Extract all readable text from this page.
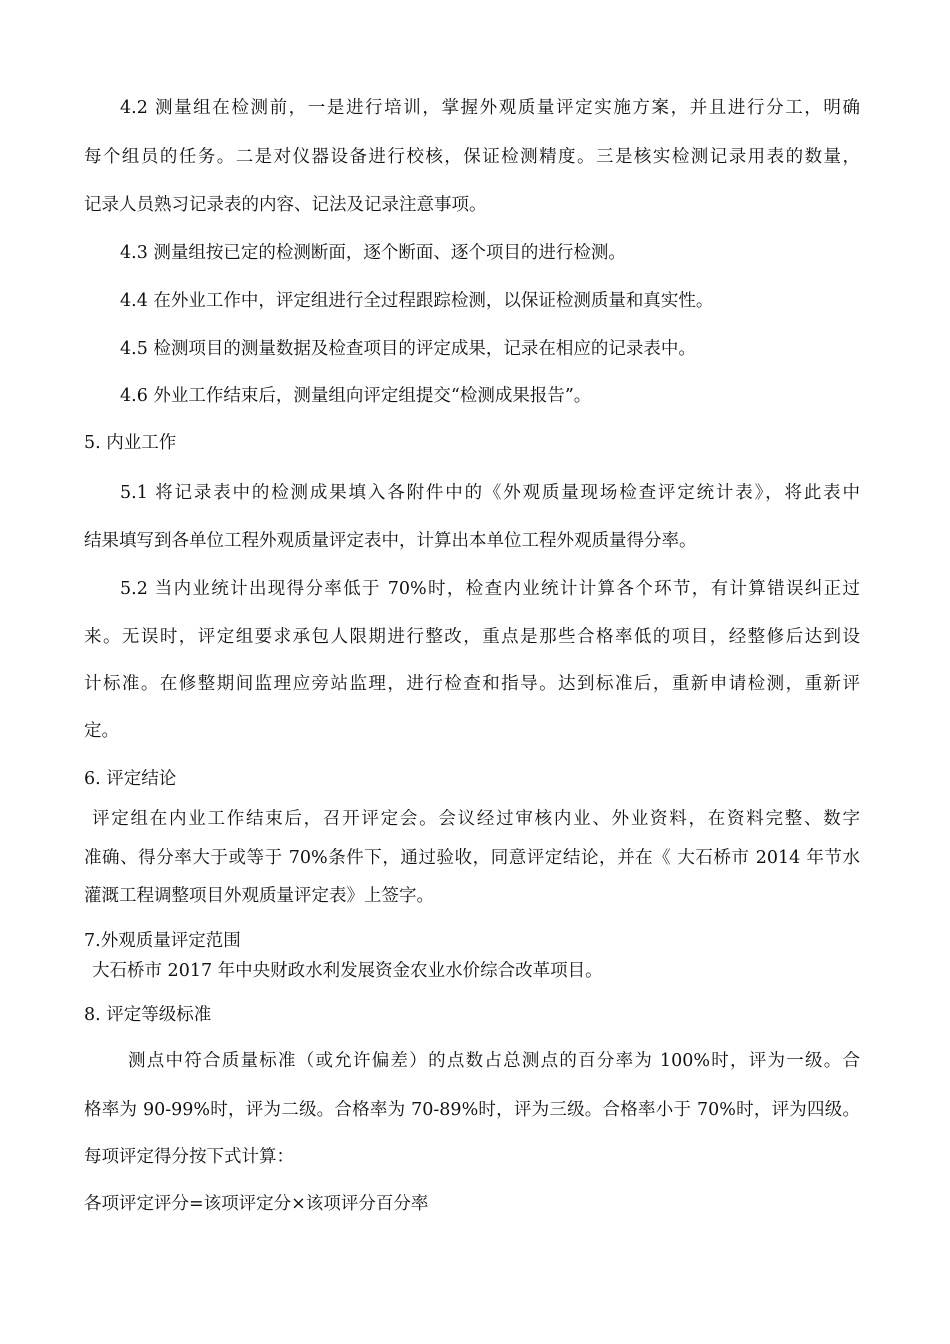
4.2 测量组在检测前，一是进行培训，掌握外观质量评定实施方案，并且进行分工，明确
每个组员的任务。二是对仪器设备进行校核，保证检测精度。三是核实检测记录用表的数量，
记录人员熟习记录表的内容、记法及记录注意事项。
4.3 测量组按已定的检测断面，逐个断面、逐个项目的进行检测。
4.4 在外业工作中，评定组进行全过程跟踪检测，以保证检测质量和真实性。
4.5 检测项目的测量数据及检查项目的评定成果，记录在相应的记录表中。
4.6 外业工作结束后，测量组向评定组提交“检测成果报告”。
5. 内业工作
5.1 将记录表中的检测成果填入各附件中的《外观质量现场检查评定统计表》，将此表中
结果填写到各单位工程外观质量评定表中，计算出本单位工程外观质量得分率。
5.2 当内业统计出现得分率低于 70%时，检查内业统计计算各个环节，有计算错误纠正过
来。无误时，评定组要求承包人限期进行整改，重点是那些合格率低的项目，经整修后达到设
计标准。在修整期间监理应旁站监理，进行检查和指导。达到标准后，重新申请检测，重新评
定。
6. 评定结论
评定组在内业工作结束后，召开评定会。会议经过审核内业、外业资料，在资料完整、数字
准确、得分率大于或等于 70%条件下，通过验收，同意评定结论，并在《 大石桥市 2014 年节水
灌溉工程调整项目外观质量评定表》上签字。
7.外观质量评定范围
大石桥市 2017 年中央财政水利发展资金农业水价综合改革项目。
8. 评定等级标准
测点中符合质量标准（或允许偏差）的点数占总测点的百分率为 100%时，评为一级。合
格率为 90-99%时，评为二级。合格率为 70-89%时，评为三级。合格率小于 70%时，评为四级。
每项评定得分按下式计算：
各项评定评分=该项评定分×该项评分百分率
